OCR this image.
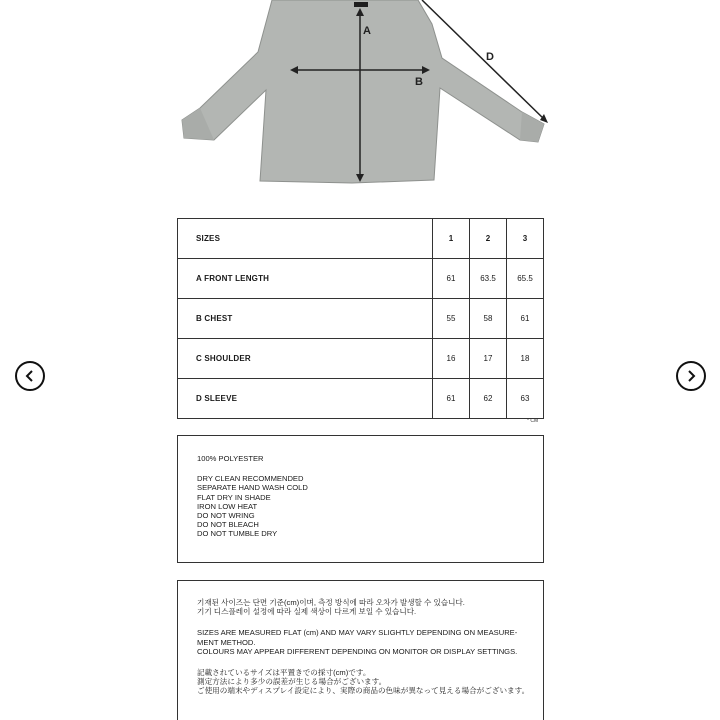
A
B
D
SIZES	1	2	3
A FRONT LENGTH	61	63.5	65.5
B CHEST	55	58	61
C SHOULDER	16	17	18
D SLEEVE	61	62	63
* CM
100% POLYESTER
DRY CLEAN RECOMMENDED
SEPARATE HAND WASH COLD
FLAT DRY IN SHADE
IRON LOW HEAT
DO NOT WRING
DO NOT BLEACH
DO NOT TUMBLE DRY
기재된 사이즈는 단면 기준(cm)이며, 측정 방식에 따라 오차가 발생할 수 있습니다.
기기 디스플레이 설정에 따라 실제 색상이 다르게 보일 수 있습니다.
SIZES ARE MEASURED FLAT (cm) AND MAY VARY SLIGHTLY DEPENDING ON MEASURE-
MENT METHOD.
COLOURS MAY APPEAR DIFFERENT DEPENDING ON MONITOR OR DISPLAY SETTINGS.
記載されているサイズは平置きでの採寸(cm)です。
測定方法により多少の誤差が生じる場合がございます。
ご使用の端末やディスプレイ設定により、実際の商品の色味が異なって見える場合がございます。
